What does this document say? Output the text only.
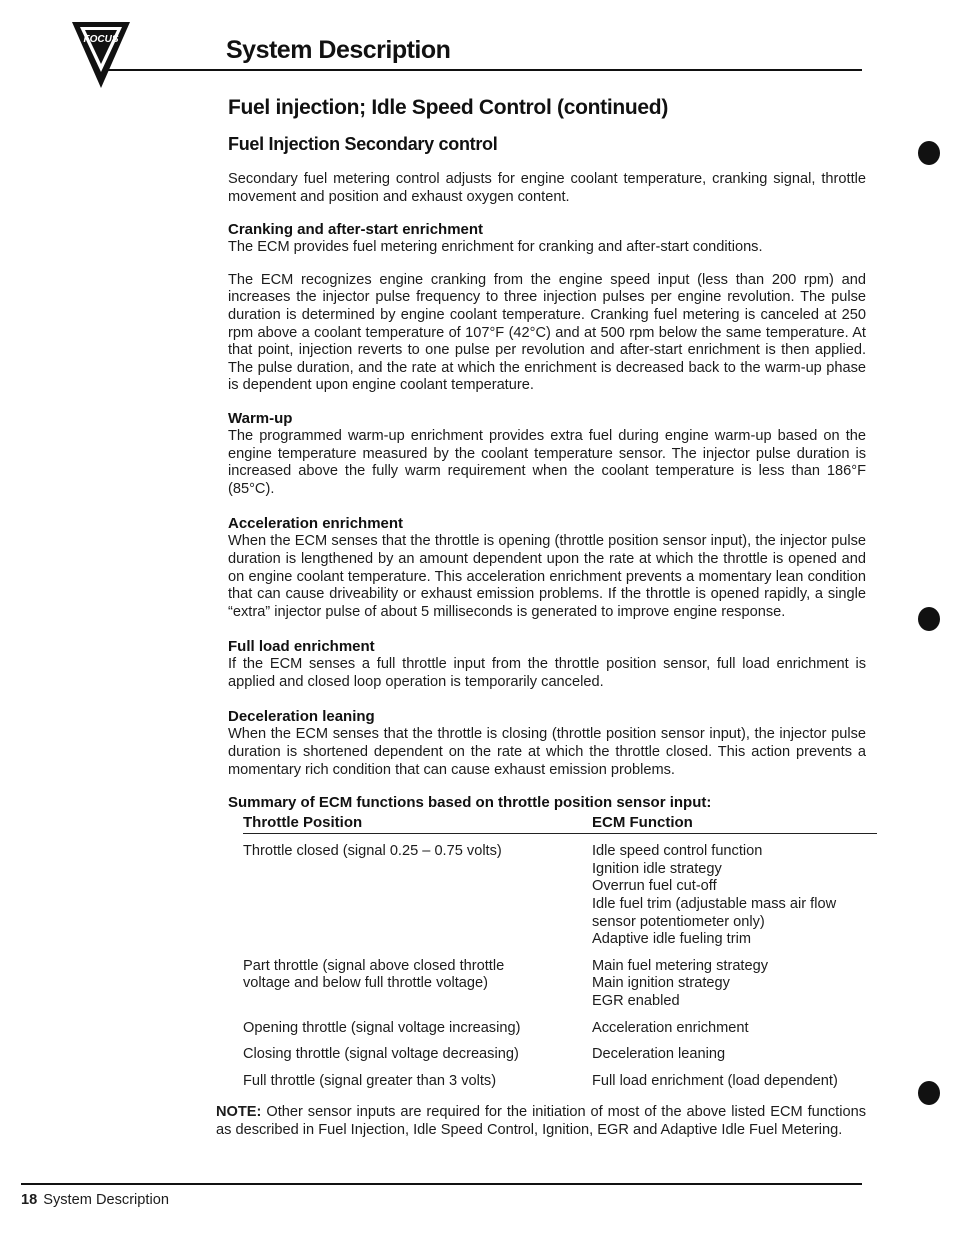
FOCUS	System Description
Fuel injection; Idle Speed Control (continued)
Fuel Injection Secondary control

Secondary fuel metering control adjusts for engine coolant temperature, cranking signal, throttle movement and position and exhaust oxygen content.

Cranking and after-start enrichment

The ECM provides fuel metering enrichment for cranking and after-start conditions.

The ECM recognizes engine cranking from the engine speed input (less than 200 rpm) and increases the injector pulse frequency to three injection pulses per engine revolution. The pulse duration is determined by engine coolant temperature. Cranking fuel metering is canceled at 250 rpm above a coolant temperature of 107°F (42°C) and at 500 rpm below the same temperature. At that point, injection reverts to one pulse per revolution and after-start enrichment is then applied. The pulse duration, and the rate at which the enrichment is decreased back to the warm-up phase is dependent upon engine coolant temperature.

Warm-up

The programmed warm-up enrichment provides extra fuel during engine warm-up based on the engine temperature measured by the coolant temperature sensor. The injector pulse duration is increased above the fully warm requirement when the coolant temperature is less than 186°F (85°C).

Acceleration enrichment

When the ECM senses that the throttle is opening (throttle position sensor input), the injector pulse duration is lengthened by an amount dependent upon the rate at which the throttle is opened and on engine coolant temperature. This acceleration enrichment prevents a momentary lean condition that can cause driveability or exhaust emission problems. If the throttle is opened rapidly, a single “extra” injector pulse of about 5 milliseconds is generated to improve engine response.

Full load enrichment

If the ECM senses a full throttle input from the throttle position sensor, full load enrichment is applied and closed loop operation is temporarily canceled.

Deceleration leaning

When the ECM senses that the throttle is closing (throttle position sensor input), the injector pulse duration is shortened dependent on the rate at which the throttle closed. This action prevents a momentary rich condition that can cause exhaust emission problems.

Summary of ECM functions based on throttle position sensor input:
Throttle Position	ECM Function
Throttle closed (signal 0.25 – 0.75 volts)	Idle speed control function
Ignition idle strategy
Overrun fuel cut-off
Idle fuel trim (adjustable mass air flow sensor potentiometer only)
Adaptive idle fueling trim

Part throttle (signal above closed throttle voltage and below full throttle voltage)	Main fuel metering strategy
Main ignition strategy
EGR enabled

Opening throttle (signal voltage increasing)	Acceleration enrichment

Closing throttle (signal voltage decreasing)	Deceleration leaning

Full throttle (signal greater than 3 volts)	Full load enrichment (load dependent)
NOTE: Other sensor inputs are required for the initiation of most of the above listed ECM functions as described in Fuel Injection, Idle Speed Control, Ignition, EGR and Adaptive Idle Fuel Metering.
18 System Description
